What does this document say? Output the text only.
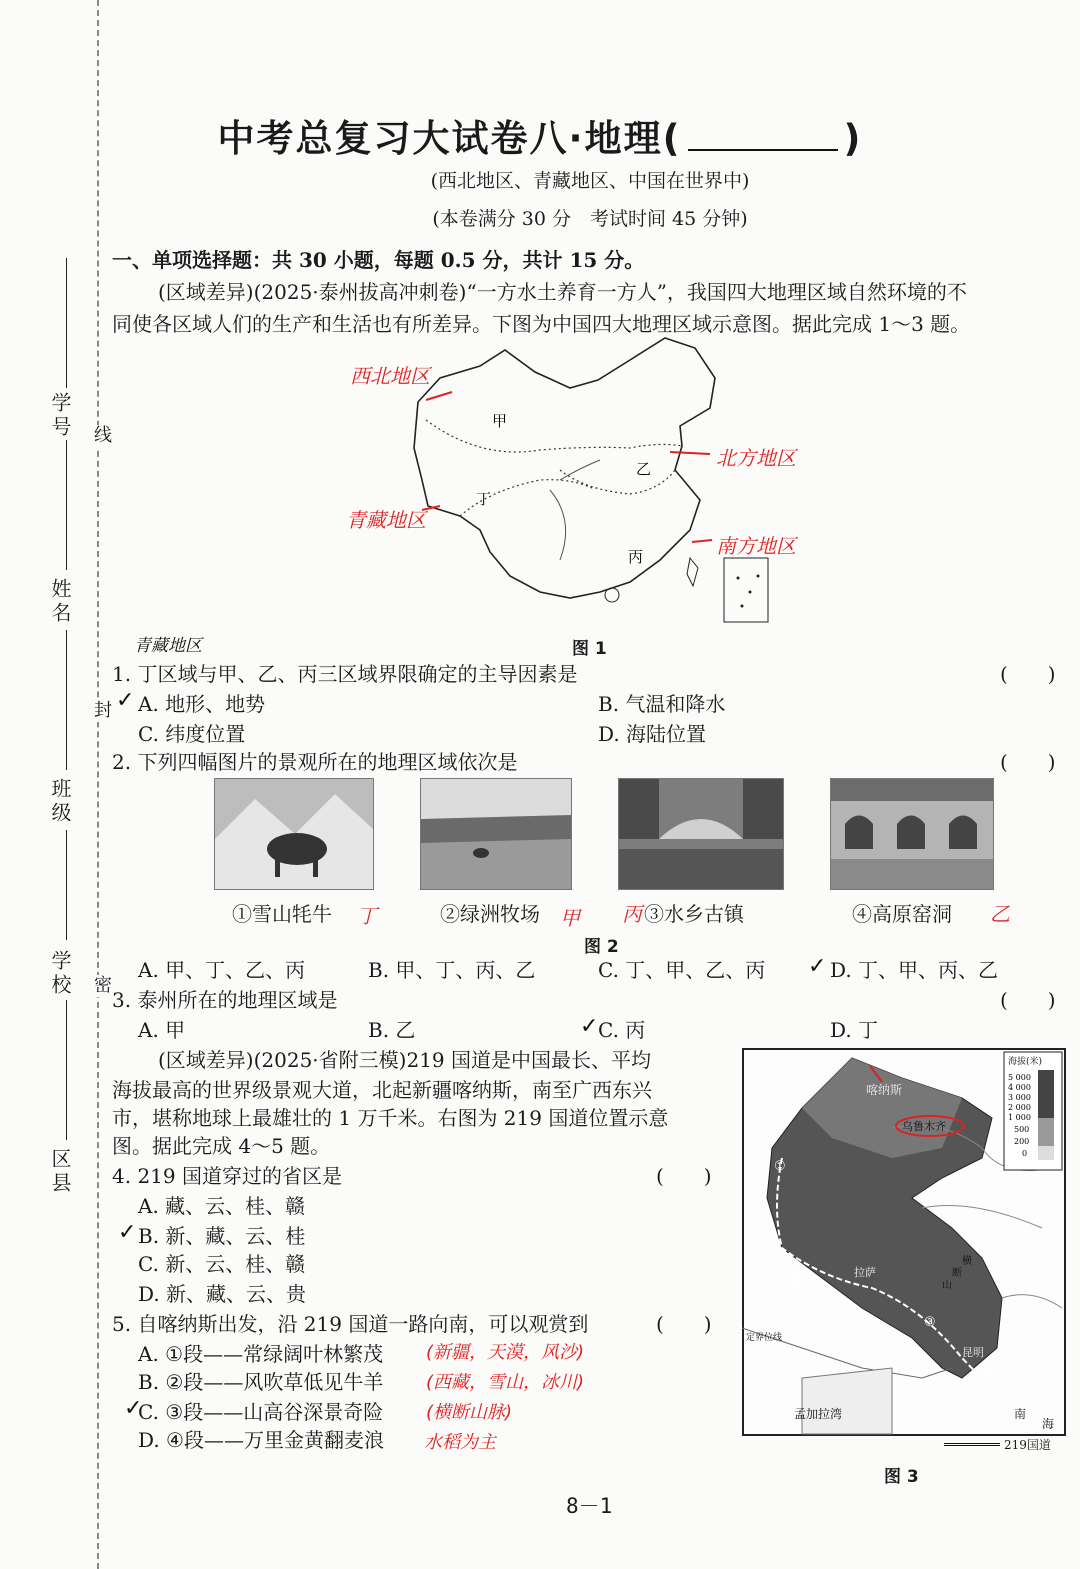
学号
姓名
班级
学校
区县
线
封
密
中考总复习大试卷八·地理(	)
(西北地区、青藏地区、中国在世界中)
(本卷满分 30 分　考试时间 45 分钟)
一、单项选择题：共 30 小题，每题 0.5 分，共计 15 分。
(区域差异)(2025·泰州拔高冲刺卷)“一方水土养育一方人”，我国四大地理区域自然环境的不
同使各区域人们的生产和生活也有所差异。下图为中国四大地理区域示意图。据此完成 1～3 题。
甲
乙
丙
丁
西北地区
北方地区
青藏地区
南方地区
图 1
青藏地区
1. 丁区域与甲、乙、丙三区域界限确定的主导因素是	(　　)
✓ A. 地形、地势	B. 气温和降水
C. 纬度位置	D. 海陆位置
2. 下列四幅图片的景观所在的地理区域依次是	(　　)
①雪山牦牛 丁	②绿洲牧场 甲 丙 ③水乡古镇	④高原窑洞 乙
图 2
A. 甲、丁、乙、丙	B. 甲、丁、丙、乙	C. 丁、甲、乙、丙 ✓ D. 丁、甲、丙、乙
3. 泰州所在的地理区域是	(　　)
A. 甲	B. 乙	✓ C. 丙	D. 丁
(区域差异)(2025·省附三模)219 国道是中国最长、平均
海拔最高的世界级景观大道，北起新疆喀纳斯，南至广西东兴
市，堪称地球上最雄壮的 1 万千米。右图为 219 国道位置示意
图。据此完成 4～5 题。
4. 219 国道穿过的省区是	(　　)
A. 藏、云、桂、赣
✓ B. 新、藏、云、桂
C. 新、云、桂、赣
D. 新、藏、云、贵
5. 自喀纳斯出发，沿 219 国道一路向南，可以观赏到	(　　)
A. ①段——常绿阔叶林繁茂 (新疆，天漠，风沙)
B. ②段——风吹草低见牛羊 (西藏，雪山，冰川)
✓
C. ③段——山高谷深景奇险 (横断山脉)
D. ④段——万里金黄翻麦浪 水稻为主
喀纳斯
乌鲁木齐
拉萨
昆明
孟加拉湾	南
海
山
断
横
定界位线
①
②
③
④
海拔(米)
5 000
4 000
3 000
2 000
1 000
500
200
0
219国道
图 3
8－1
